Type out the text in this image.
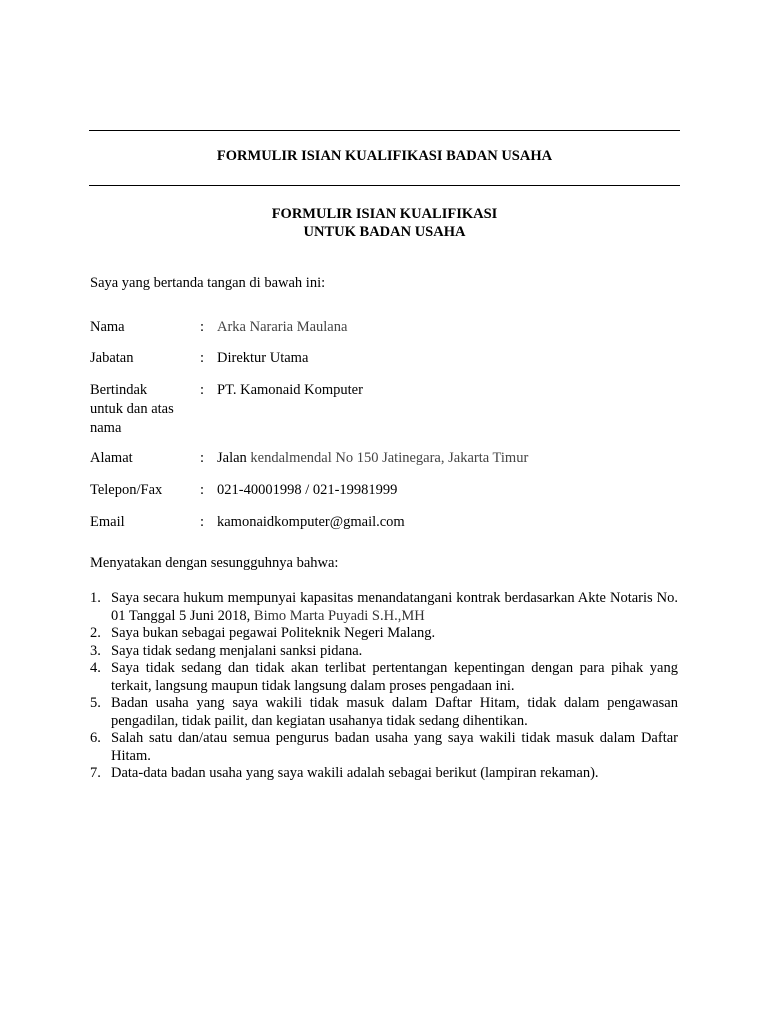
FORMULIR ISIAN KUALIFIKASI BADAN USAHA
FORMULIR ISIAN KUALIFIKASI
UNTUK BADAN USAHA
Saya yang bertanda tangan di bawah ini:
Nama	: Arka Nararia Maulana
Jabatan	: Direktur Utama
Bertindak
untuk dan atas
nama
: PT. Kamonaid Komputer
Alamat	: Jalan kendalmendal No 150 Jatinegara, Jakarta Timur
Telepon/Fax	: 021-40001998 / 021-19981999
Email	: kamonaidkomputer@gmail.com
Menyatakan dengan sesungguhnya bahwa:
1. Saya secara hukum mempunyai kapasitas menandatangani kontrak berdasarkan Akte Notaris No. 01 Tanggal 5 Juni 2018, Bimo Marta Puyadi S.H.,MH
2. Saya bukan sebagai pegawai Politeknik Negeri Malang.
3. Saya tidak sedang menjalani sanksi pidana.
4. Saya tidak sedang dan tidak akan terlibat pertentangan kepentingan dengan para pihak yang terkait, langsung maupun tidak langsung dalam proses pengadaan ini.
5. Badan usaha yang saya wakili tidak masuk dalam Daftar Hitam, tidak dalam pengawasan pengadilan, tidak pailit, dan kegiatan usahanya tidak sedang dihentikan.
6. Salah satu dan/atau semua pengurus badan usaha yang saya wakili tidak masuk dalam Daftar Hitam.
7. Data-data badan usaha yang saya wakili adalah sebagai berikut (lampiran rekaman).
